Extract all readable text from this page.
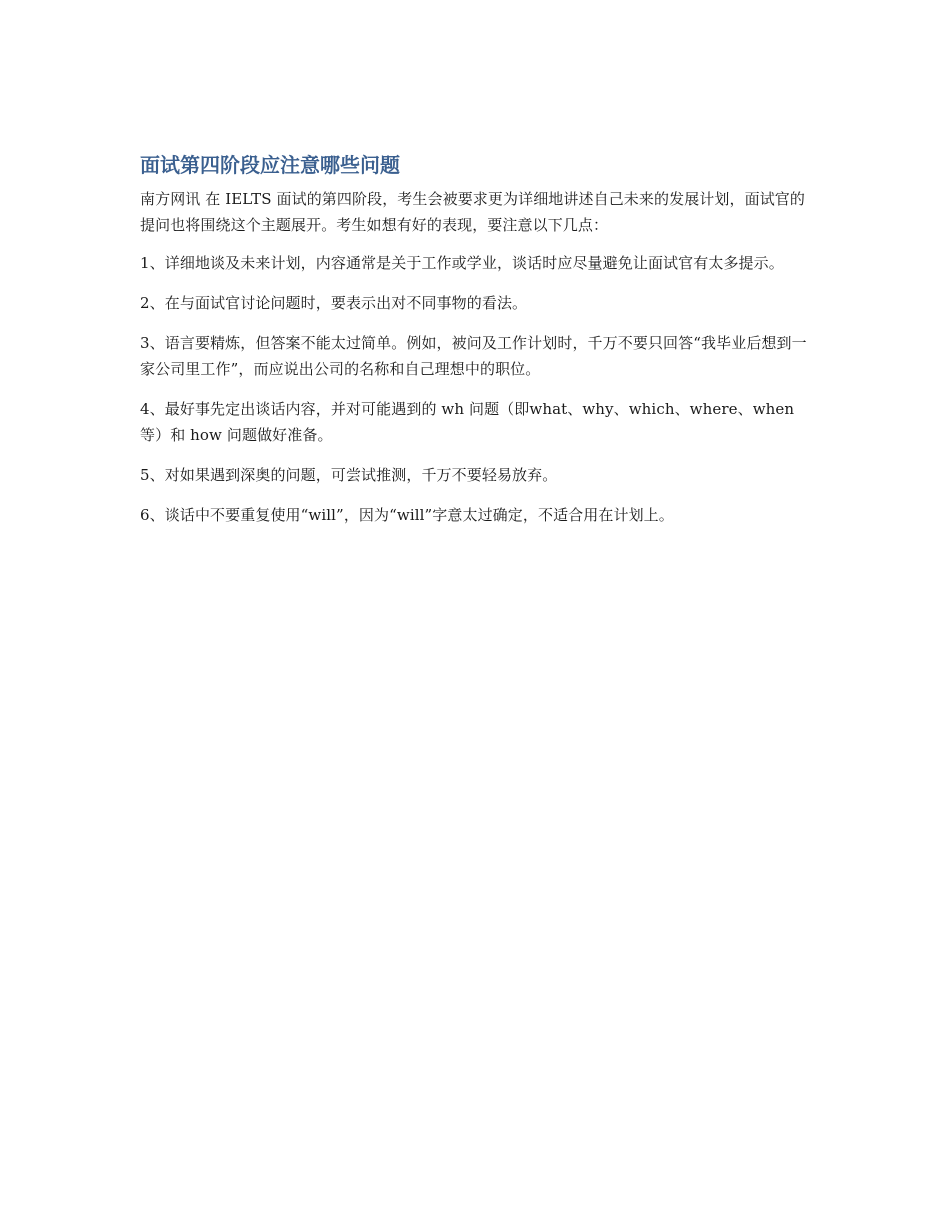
面试第四阶段应注意哪些问题

南方网讯 在 IELTS 面试的第四阶段，考生会被要求更为详细地讲述自己未来的发展计划，面试官的提问也将围绕这个主题展开。考生如想有好的表现，要注意以下几点：

1、详细地谈及未来计划，内容通常是关于工作或学业，谈话时应尽量避免让面试官有太多提示。

2、在与面试官讨论问题时，要表示出对不同事物的看法。

3、语言要精炼，但答案不能太过简单。例如，被问及工作计划时，千万不要只回答“我毕业后想到一家公司里工作”，而应说出公司的名称和自己理想中的职位。

4、最好事先定出谈话内容，并对可能遇到的 wh 问题（即what、why、which、where、when 等）和 how 问题做好准备。

5、对如果遇到深奥的问题，可尝试推测，千万不要轻易放弃。

6、谈话中不要重复使用“will”，因为“will”字意太过确定，不适合用在计划上。
